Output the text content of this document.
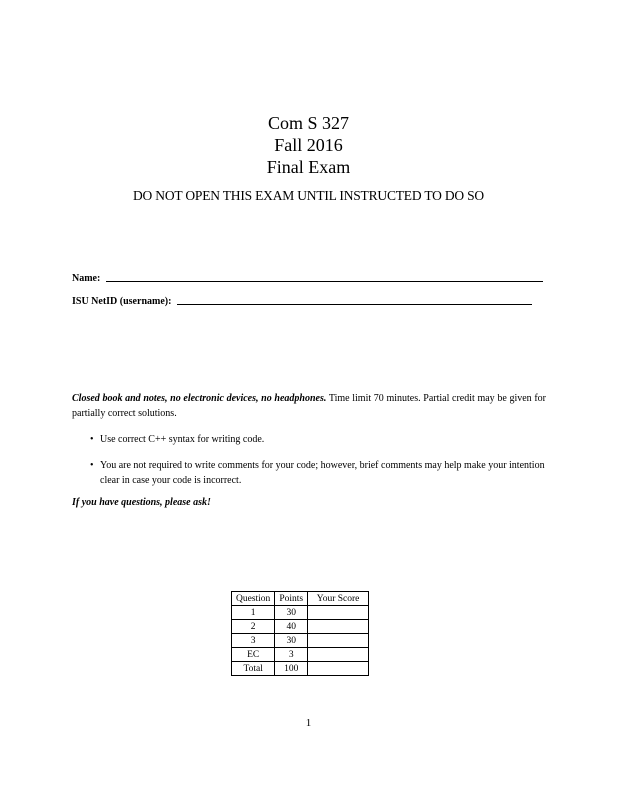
Com S 327
Fall 2016
Final Exam
DO NOT OPEN THIS EXAM UNTIL INSTRUCTED TO DO SO
Name:
ISU NetID (username):
Closed book and notes, no electronic devices, no headphones. Time limit 70 minutes. Partial credit may be given for partially correct solutions.
• Use correct C++ syntax for writing code.
• You are not required to write comments for your code; however, brief comments may help make your intention clear in case your code is incorrect.
If you have questions, please ask!
Question	Points	Your Score
1	30	
2	40	
3	30	
EC	3	
Total	100	
1
